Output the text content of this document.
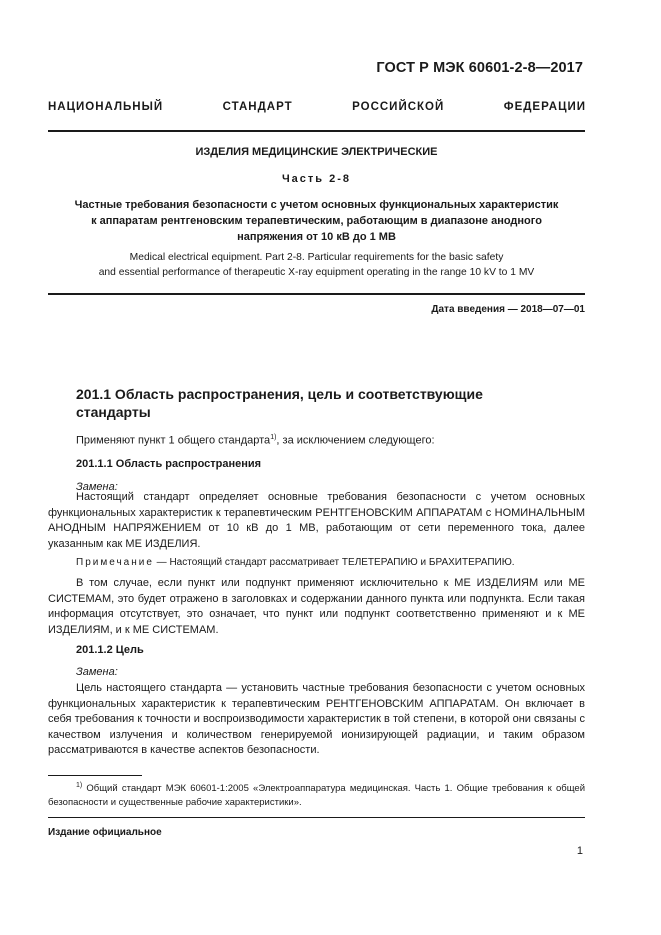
ГОСТ Р МЭК 60601-2-8—2017
НАЦИОНАЛЬНЫЙ СТАНДАРТ РОССИЙСКОЙ ФЕДЕРАЦИИ
ИЗДЕЛИЯ МЕДИЦИНСКИЕ ЭЛЕКТРИЧЕСКИЕ
Часть 2-8
Частные требования безопасности с учетом основных функциональных характеристик
к аппаратам рентгеновским терапевтическим, работающим в диапазоне анодного
напряжения от 10 кВ до 1 МВ
Medical electrical equipment. Part 2-8. Particular requirements for the basic safety
and essential performance of therapeutic X-ray equipment operating in the range 10 kV to 1 MV
Дата введения — 2018—07—01
201.1 Область распространения, цель и соответствующие стандарты
Применяют пункт 1 общего стандарта$^{1)}$, за исключением следующего:
201.1.1 Область распространения
Замена:
Настоящий стандарт определяет основные требования безопасности с учетом основных функциональных характеристик к терапевтическим РЕНТГЕНОВСКИМ АППАРАТАМ с НОМИНАЛЬНЫМ АНОДНЫМ НАПРЯЖЕНИЕМ от 10 кВ до 1 МВ, работающим от сети переменного тока, далее указанным как МЕ ИЗДЕЛИЯ.
Примечание — Настоящий стандарт рассматривает ТЕЛЕТЕРАПИЮ и БРАХИТЕРАПИЮ.
В том случае, если пункт или подпункт применяют исключительно к МЕ ИЗДЕЛИЯМ или МЕ СИСТЕМАМ, это будет отражено в заголовках и содержании данного пункта или подпункта. Если такая информация отсутствует, это означает, что пункт или подпункт соответственно применяют и к МЕ ИЗДЕЛИЯМ, и к МЕ СИСТЕМАМ.
201.1.2 Цель
Замена:
Цель настоящего стандарта — установить частные требования безопасности с учетом основных функциональных характеристик к терапевтическим РЕНТГЕНОВСКИМ АППАРАТАМ. Он включает в себя требования к точности и воспроизводимости характеристик в той степени, в которой они связаны с качеством излучения и количеством генерируемой ионизирующей радиации, и таким образом рассматриваются в качестве аспектов безопасности.
$^{1)}$ Общий стандарт МЭК 60601-1:2005 «Электроаппаратура медицинская. Часть 1. Общие требования к общей безопасности и существенные рабочие характеристики».
Издание официальное
1
